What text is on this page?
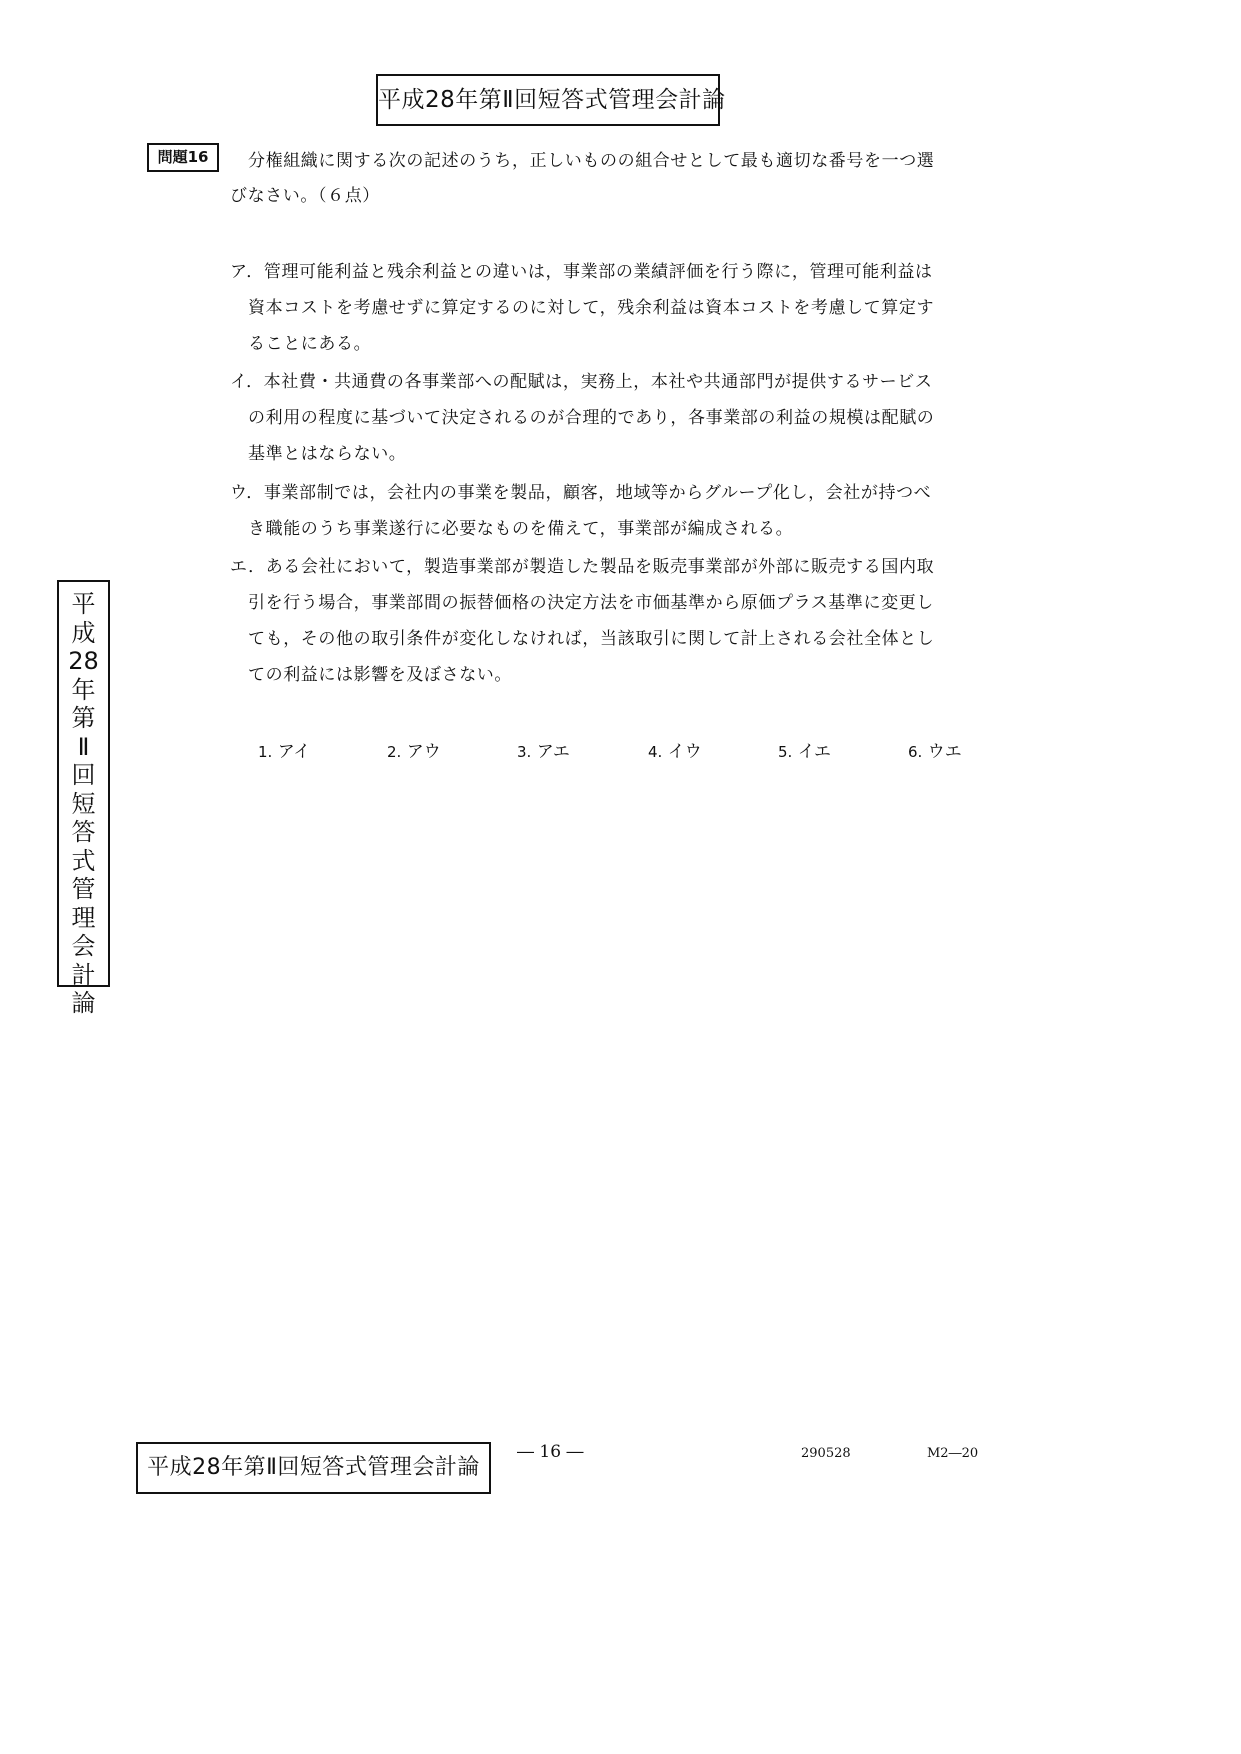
平成28年第Ⅱ回短答式管理会計論
問題16	分権組織に関する次の記述のうち，正しいものの組合せとして最も適切な番号を一つ選
びなさい。（６点）
ア．管理可能利益と残余利益との違いは，事業部の業績評価を行う際に，管理可能利益は
資本コストを考慮せずに算定するのに対して，残余利益は資本コストを考慮して算定す
ることにある。
イ．本社費・共通費の各事業部への配賦は，実務上，本社や共通部門が提供するサービス
の利用の程度に基づいて決定されるのが合理的であり，各事業部の利益の規模は配賦の
基準とはならない。
ウ．事業部制では，会社内の事業を製品，顧客，地域等からグループ化し，会社が持つべ
き職能のうち事業遂行に必要なものを備えて，事業部が編成される。
エ．ある会社において，製造事業部が製造した製品を販売事業部が外部に販売する国内取
引を行う場合，事業部間の振替価格の決定方法を市価基準から原価プラス基準に変更し
ても，その他の取引条件が変化しなければ，当該取引に関して計上される会社全体とし
ての利益には影響を及ぼさない。
1. アイ	2. アウ	3. アエ	4. イウ	5. イエ	6. ウエ
平
成
28
年
第
Ⅱ
回
短
答
式
管
理
会
計
論
平成28年第Ⅱ回短答式管理会計論
― 16 ―	290528	M2―20
